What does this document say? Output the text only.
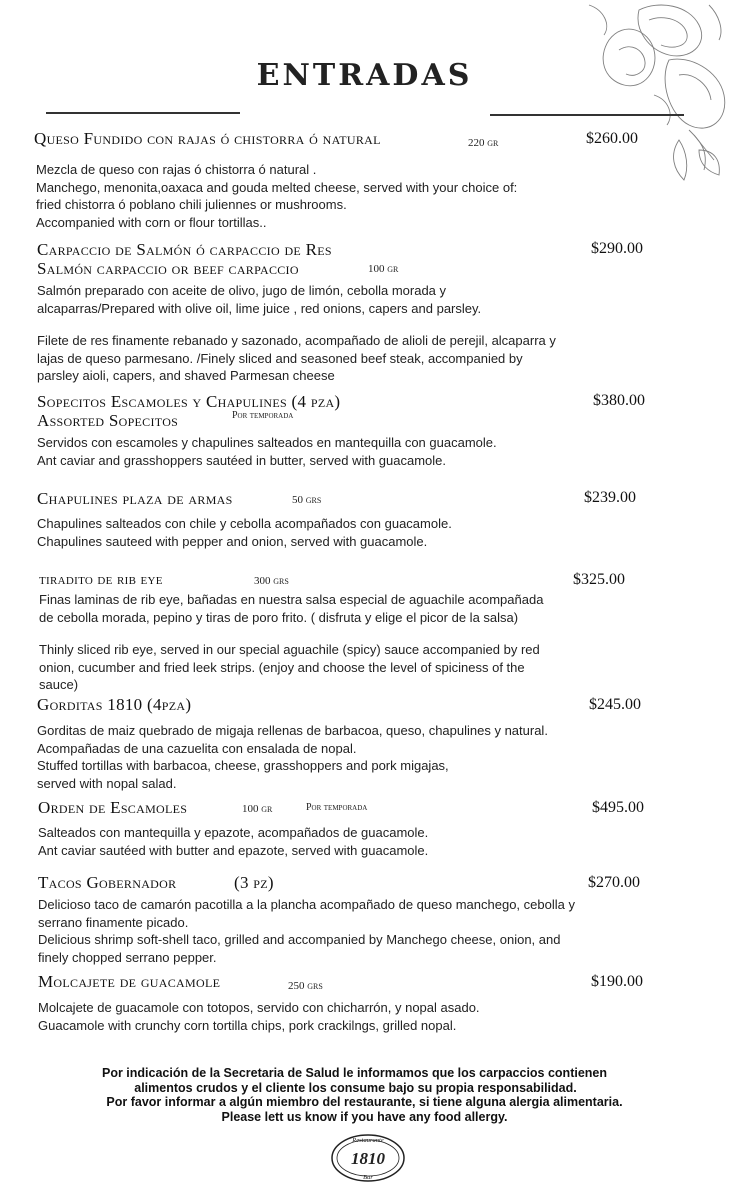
ENTRADAS
Queso Fundido con rajas ó chistorra ó natural	220 gr	$260.00
Mezcla de queso con rajas ó chistorra ó natural .
Manchego, menonita,oaxaca and gouda melted cheese, served with your choice of:
fried chistorra ó poblano chili juliennes or mushrooms.
Accompanied with corn or flour tortillas..
Carpaccio de Salmón ó carpaccio de Res
Salmón carpaccio or beef carpaccio	100 gr
$290.00
Salmón preparado con aceite de olivo, jugo de limón, cebolla morada y
alcaparras/Prepared with olive oil, lime juice , red onions, capers and parsley.
Filete de res finamente rebanado y sazonado, acompañado de alioli de perejil, alcaparra y
lajas de queso parmesano. /Finely sliced and seasoned beef steak, accompanied by
parsley aioli, capers, and shaved Parmesan cheese
Sopecitos Escamoles y Chapulines (4 pza)
Assorted Sopecitos	Por temporada
$380.00
Servidos con escamoles y chapulines salteados en mantequilla con guacamole.
Ant caviar and grasshoppers sautéed in butter, served with guacamole.
Chapulines plaza de armas	50 grs	$239.00
Chapulines salteados con chile y cebolla acompañados con guacamole.
Chapulines sauteed with pepper and onion, served with guacamole.
tiradito de rib eye	300 grs	$325.00
Finas laminas de rib eye, bañadas en nuestra salsa especial de aguachile acompañada
de cebolla morada, pepino y tiras de poro frito. ( disfruta y elige el picor de la salsa)
Thinly sliced rib eye, served in our special aguachile (spicy) sauce accompanied by red
onion, cucumber and fried leek strips. (enjoy and choose the level of spiciness of the
sauce)
Gorditas 1810 (4pza)	$245.00
Gorditas de maiz quebrado de migaja rellenas de barbacoa, queso, chapulines y natural.
Acompañadas de una cazuelita con ensalada de nopal.
Stuffed tortillas with barbacoa, cheese, grasshoppers and pork migajas,
served with nopal salad.
Orden de Escamoles	100 gr	Por temporada	$495.00
Salteados con mantequilla y epazote, acompañados de guacamole.
Ant caviar sautéed with butter and epazote, served with guacamole.
Tacos Gobernador	(3 pz)	$270.00
Delicioso taco de camarón pacotilla a la plancha acompañado de queso manchego, cebolla y
serrano finamente picado.
Delicious shrimp soft-shell taco, grilled and accompanied by Manchego cheese, onion, and
finely chopped serrano pepper.
Molcajete de guacamole	250 grs	$190.00
Molcajete de guacamole con totopos, servido con chicharrón, y nopal asado.
Guacamole with crunchy corn tortilla chips, pork crackilngs, grilled nopal.
Por indicación de la Secretaria de Salud le informamos que los carpaccios contienen
alimentos crudos y el cliente los consume bajo su propia responsabilidad.
Por favor informar a algún miembro del restaurante, si tiene alguna alergia alimentaria.
Please lett us know if you have any food allergy.
Restaurante
1810
Bar
